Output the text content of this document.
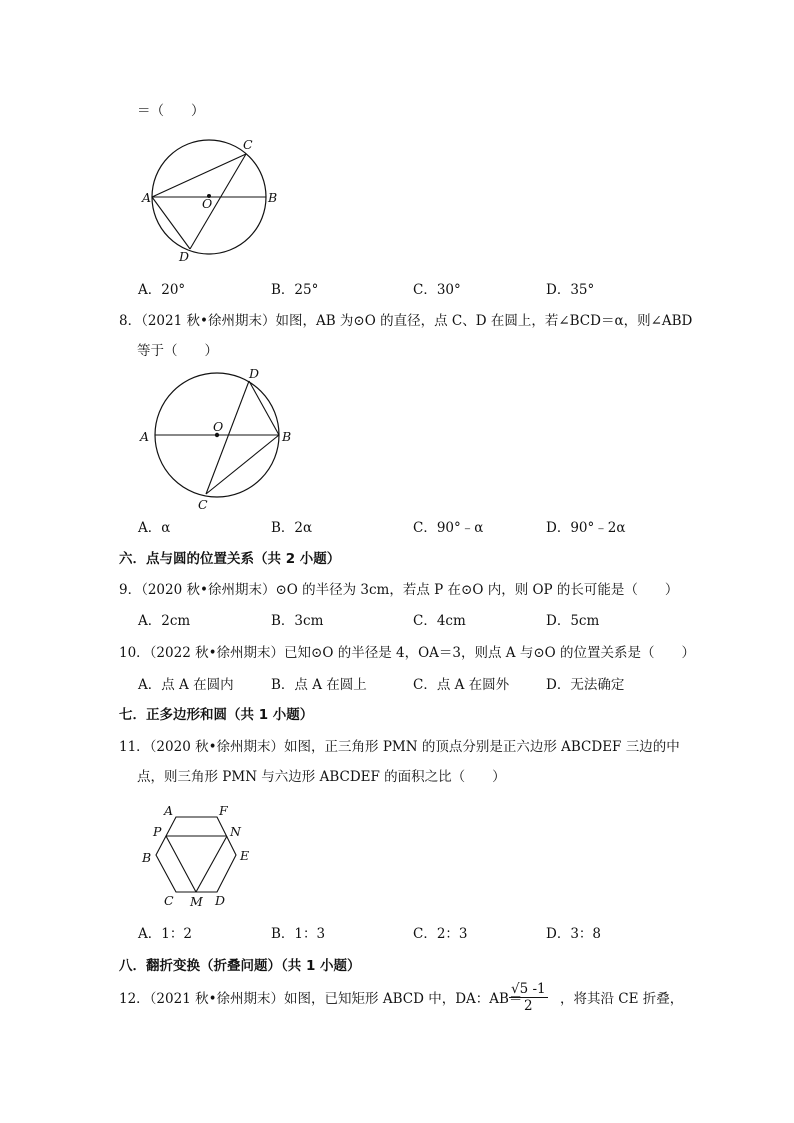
＝（　　）
A	B
C
D
O
A．20°	B．25°	C．30°	D．35°
8．（2021 秋•徐州期末）如图，AB 为⊙O 的直径，点 C、D 在圆上，若∠BCD＝α，则∠ABD
等于（　　）
A	B
C
D
O
A．α	B．2α	C．90°﹣α	D．90°﹣2α
六．点与圆的位置关系（共 2 小题）
9．（2020 秋•徐州期末）⊙O 的半径为 3cm，若点 P 在⊙O 内，则 OP 的长可能是（　　）
A．2cm	B．3cm	C．4cm	D．5cm
10．（2022 秋•徐州期末）已知⊙O 的半径是 4，OA＝3，则点 A 与⊙O 的位置关系是（　　）
A．点 A 在圆内	B．点 A 在圆上	C．点 A 在圆外	D．无法确定
七．正多边形和圆（共 1 小题）
11．（2020 秋•徐州期末）如图，正三角形 PMN 的顶点分别是正六边形 ABCDEF 三边的中
点，则三角形 PMN 与六边形 ABCDEF 的面积之比（　　）
A	F
P	N
B	E
C M D
A．1：2	B．1：3	C．2：3	D．3：8
八．翻折变换（折叠问题）（共 1 小题）
12．（2021 秋•徐州期末）如图，已知矩形 ABCD 中，DA：AB＝
$\frac{√5 -1}{2}$ ，将其沿 CE 折叠，
